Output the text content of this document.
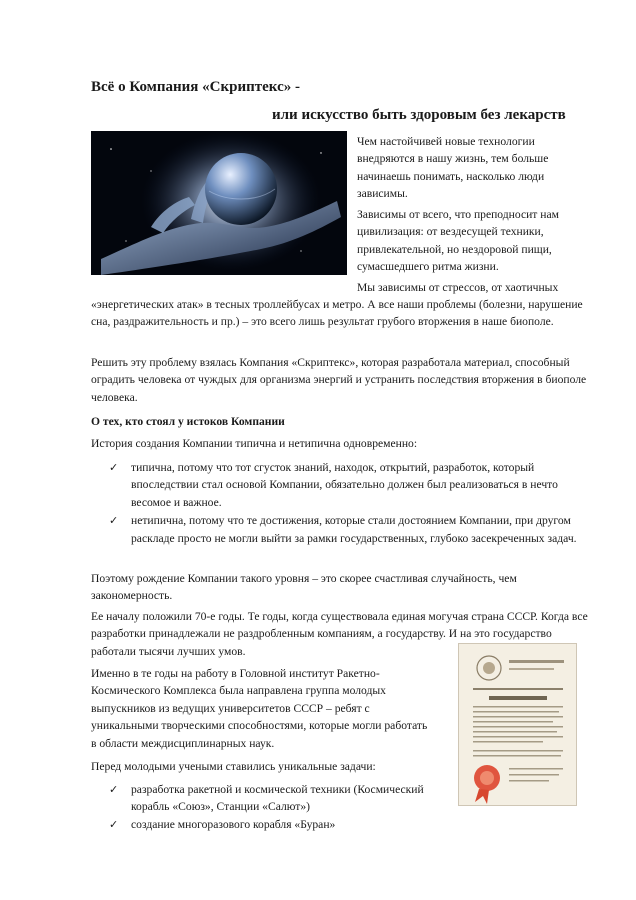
Всё о Компания «Скриптекс» -
или искусство быть здоровым без лекарств

Чем настойчивей новые технологии внедряются в нашу жизнь, тем больше начинаешь понимать, насколько люди зависимы.

Зависимы от всего, что преподносит нам цивилизация: от вездесущей техники, привлекательной, но нездоровой пищи, сумасшедшего ритма жизни.

Мы зависимы от стрессов, от хаотичных

«энергетических атак» в тесных троллейбусах и метро. А все наши проблемы (болезни, нарушение сна, раздражительность и пр.) – это всего лишь результат грубого вторжения в наше биополе.

Решить эту проблему взялась Компания «Скриптекс», которая разработала материал, способный оградить человека от чуждых для организма энергий и устранить последствия вторжения в биополе человека.

О тех, кто стоял у истоков Компании

История создания Компании типична и нетипична одновременно:

✓ типична, потому что тот сгусток знаний, находок, открытий, разработок, который впоследствии стал основой Компании, обязательно должен был реализоваться в нечто весомое и важное.
✓ нетипична, потому что те достижения, которые стали достоянием Компании, при другом раскладе просто не могли выйти за рамки государственных, глубоко засекреченных задач.

Поэтому рождение Компании такого уровня – это скорее счастливая случайность, чем закономерность.

Ее началу положили 70-е годы. Те годы, когда существовала единая могучая страна СССР. Когда все разработки принадлежали не раздробленным компаниям, а государству. И на это государство работали тысячи лучших умов.

Именно в те годы на работу в Головной институт Ракетно-Космического Комплекса была направлена группа молодых выпускников из ведущих университетов СССР – ребят с уникальными творческими способностями, которые могли работать в области междисциплинарных наук.

Перед молодыми учеными ставились уникальные задачи:

✓ разработка ракетной и космической техники (Космический корабль «Союз», Станции «Салют»)
✓ создание многоразового корабля «Буран»
